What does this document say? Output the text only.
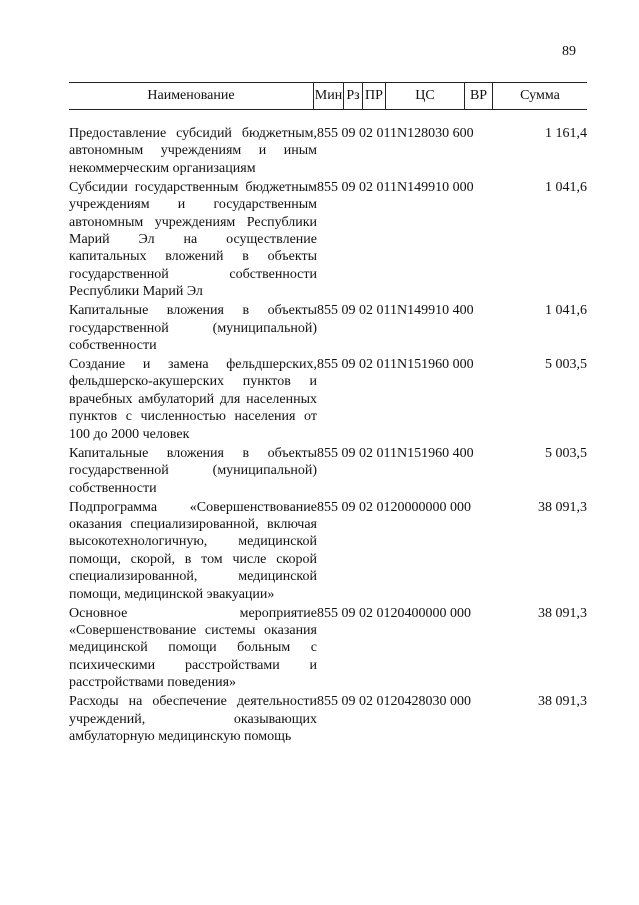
89
Наименование	Мин Рз ПР	ЦС	ВР	Сумма
Предоставление субсидий бюджетным, автономным учреждениям и иным некоммерческим организациям
855 09 02 011N128030 600	1 161,4
Субсидии государственным бюджетным учреждениям и государственным автономным учреждениям Республики Марий Эл на осуществление капитальных вложений в объекты государственной собственности Республики Марий Эл
855 09 02 011N149910 000	1 041,6
Капитальные вложения в объекты государственной (муниципальной) собственности
855 09 02 011N149910 400	1 041,6
Создание и замена фельдшерских, фельдшерско-акушерских пунктов и врачебных амбулаторий для населенных пунктов с численностью населения от 100 до 2000 человек
855 09 02 011N151960 000	5 003,5
Капитальные вложения в объекты государственной (муниципальной) собственности
855 09 02 011N151960 400	5 003,5
Подпрограмма «Совершенствование оказания специализированной, включая высокотехнологичную, медицинской помощи, скорой, в том числе скорой специализированной, медицинской помощи, медицинской эвакуации»
855 09 02 0120000000 000	38 091,3
Основное мероприятие «Совершенствование системы оказания медицинской помощи больным с психическими расстройствами и расстройствами поведения»
855 09 02 0120400000 000	38 091,3
Расходы на обеспечение деятельности учреждений, оказывающих амбулаторную медицинскую помощь
855 09 02 0120428030 000	38 091,3
